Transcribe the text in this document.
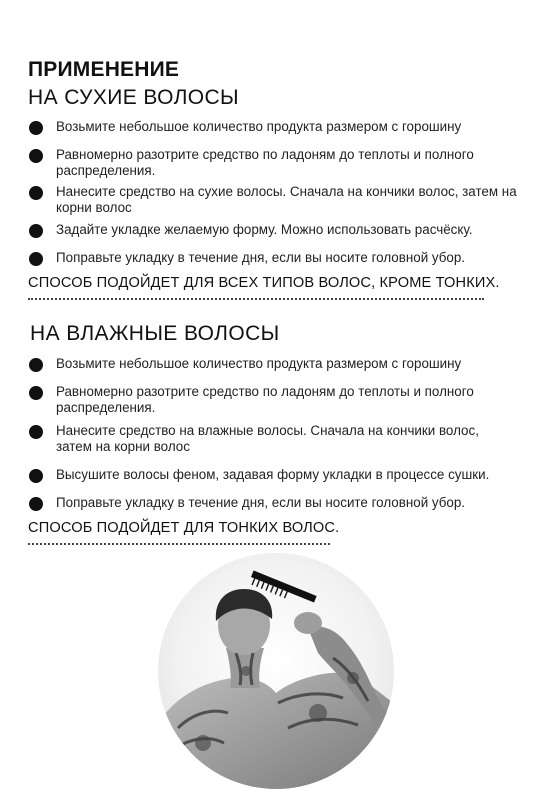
ПРИМЕНЕНИЕ
НА СУХИЕ ВОЛОСЫ
Возьмите небольшое количество продукта размером с горошину
Равномерно разотрите средство по ладоням до теплоты и полного распределения.
Нанесите средство на сухие волосы. Сначала на кончики волос, затем на корни волос
Задайте укладке желаемую форму. Можно использовать расчёску.
Поправьте укладку в течение дня, если вы носите головной убор.
СПОСОБ ПОДОЙДЕТ ДЛЯ ВСЕХ ТИПОВ ВОЛОС, КРОМЕ ТОНКИХ.
НА ВЛАЖНЫЕ ВОЛОСЫ
Возьмите небольшое количество продукта размером с горошину
Равномерно разотрите средство по ладоням до теплоты и полного распределения.
Нанесите средство на влажные волосы. Сначала на кончики волос, затем на корни волос
Высушите волосы феном, задавая форму укладки в процессе сушки.
Поправьте укладку в течение дня, если вы носите головной убор.
СПОСОБ ПОДОЙДЕТ ДЛЯ ТОНКИХ ВОЛОС.
